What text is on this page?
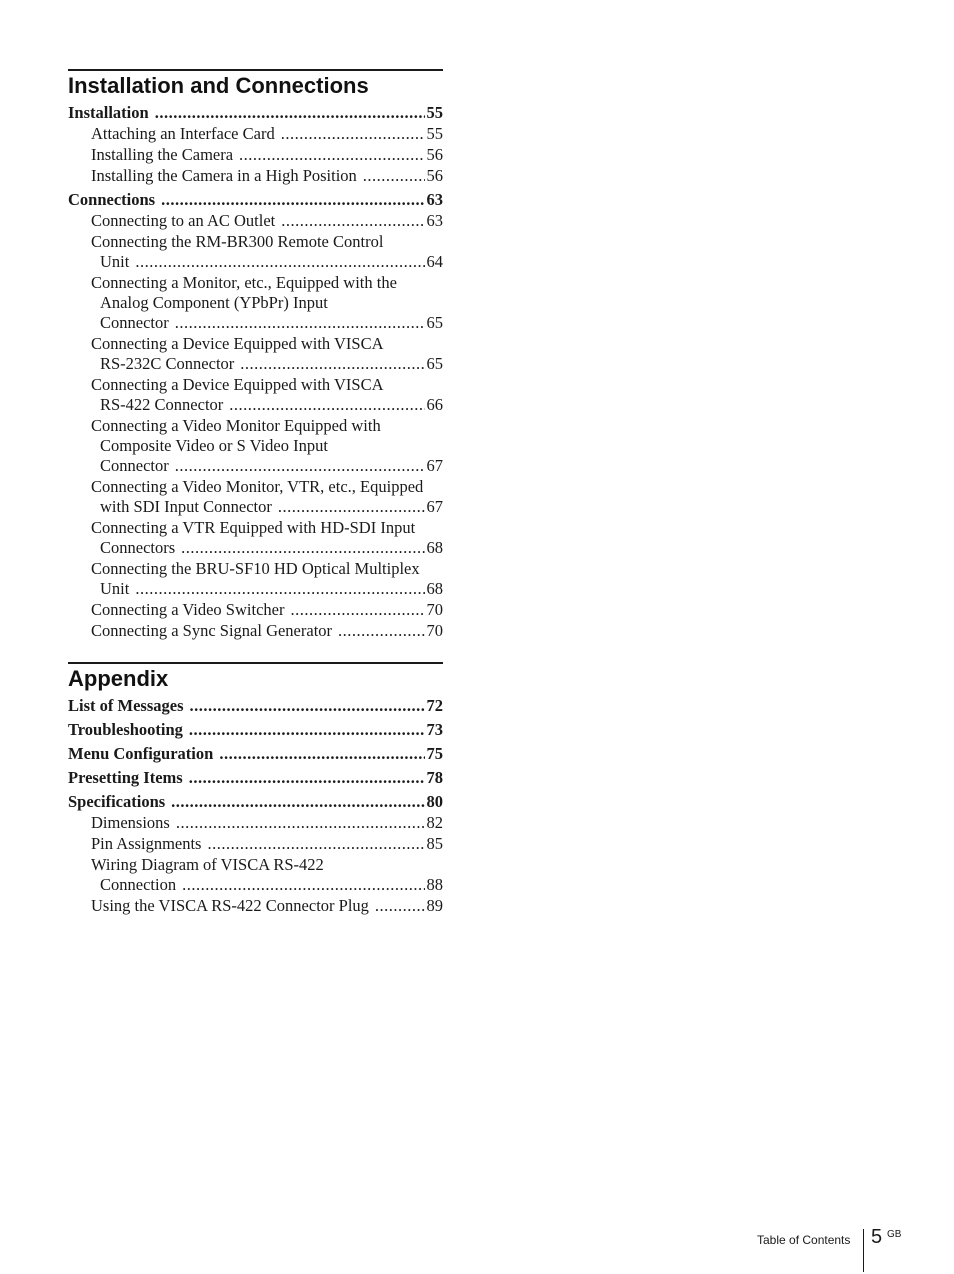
Installation and Connections
Installation .....	55
Attaching an Interface Card .....	55
Installing the Camera .....	56
Installing the Camera in a High Position .....	56
Connections .....	63
Connecting to an AC Outlet .....	63
Connecting the RM-BR300 Remote Control
Unit .....	64
Connecting a Monitor, etc., Equipped with the
Analog Component (YPbPr) Input
Connector .....	65
Connecting a Device Equipped with VISCA
RS-232C Connector .....	65
Connecting a Device Equipped with VISCA
RS-422 Connector .....	66
Connecting a Video Monitor Equipped with
Composite Video or S Video Input
Connector .....	67
Connecting a Video Monitor, VTR, etc., Equipped
with SDI Input Connector .....	67
Connecting a VTR Equipped with HD-SDI Input
Connectors .....	68
Connecting the BRU-SF10 HD Optical Multiplex
Unit .....	68
Connecting a Video Switcher .....	70
Connecting a Sync Signal Generator .....	70
Appendix
List of Messages .....	72
Troubleshooting .....	73
Menu Configuration .....	75
Presetting Items .....	78
Specifications .....	80
Dimensions .....	82
Pin Assignments .....	85
Wiring Diagram of VISCA RS-422
Connection .....	88
Using the VISCA RS-422 Connector Plug .....	89
Table of Contents 5 GB
